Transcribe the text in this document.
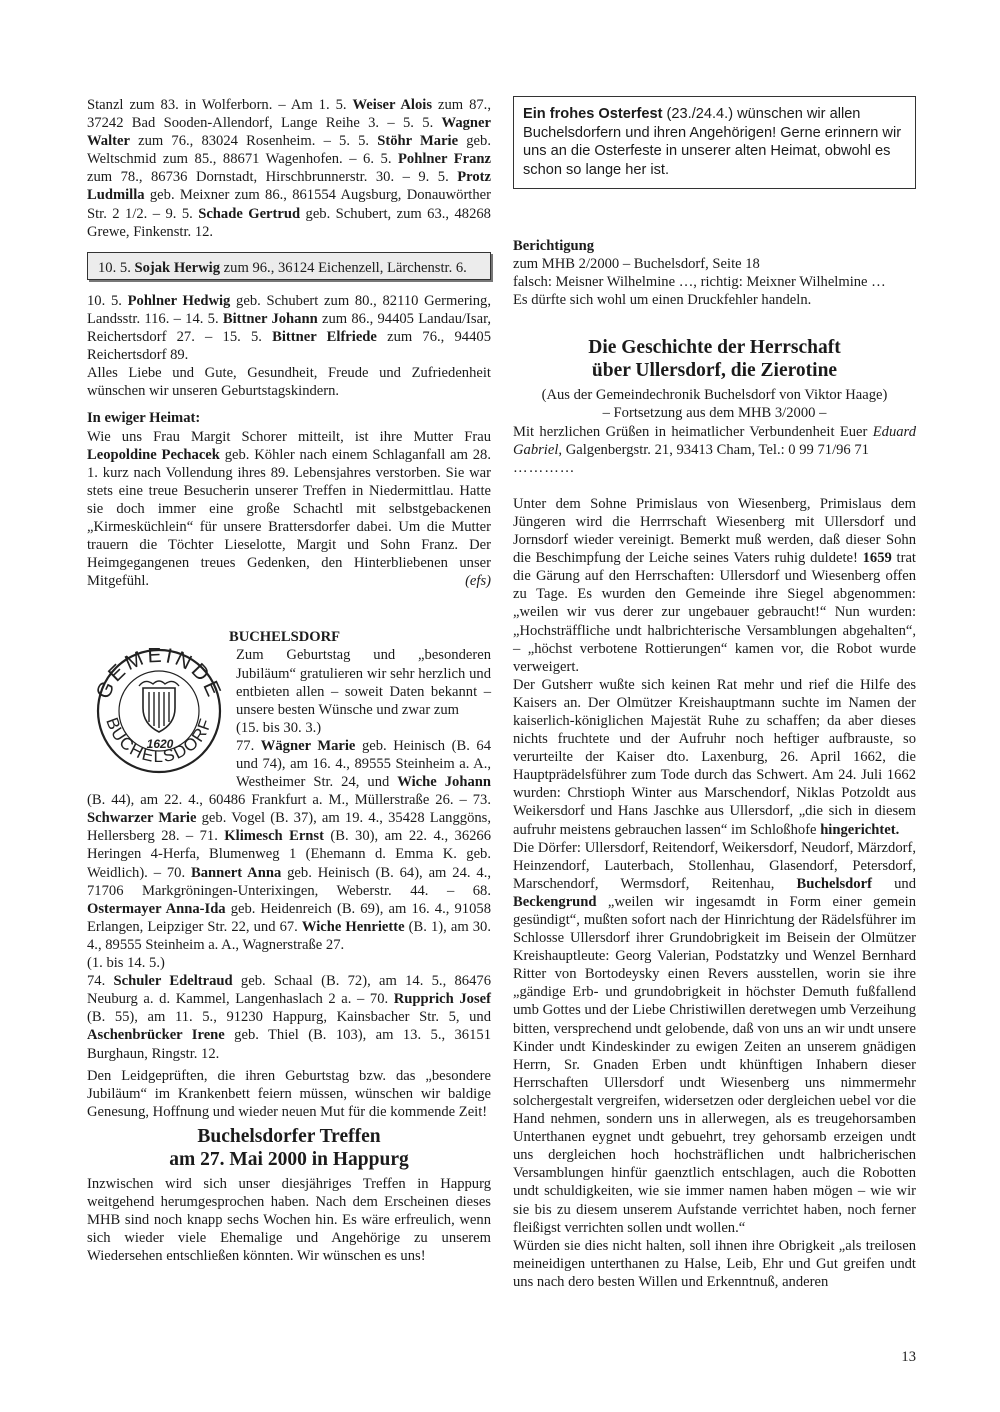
Stanzl zum 83. in Wolferborn. – Am 1. 5. Weiser Alois zum 87., 37242 Bad Sooden-Allendorf, Lange Reihe 3. – 5. 5. Wagner Walter zum 76., 83024 Rosenheim. – 5. 5. Stöhr Marie geb. Weltschmid zum 85., 88671 Wagenhofen. – 6. 5. Pohlner Franz zum 78., 86736 Dornstadt, Hirschbrunnerstr. 30. – 9. 5. Protz Ludmilla geb. Meixner zum 86., 861554 Augsburg, Donauwörther Str. 2 1/2. – 9. 5. Schade Gertrud geb. Schubert, zum 63., 48268 Grewe, Finkenstr. 12.

10. 5. Sojak Herwig zum 96., 36124 Eichenzell, Lärchenstr. 6.

10. 5. Pohlner Hedwig geb. Schubert zum 80., 82110 Germering, Landsstr. 116. – 14. 5. Bittner Johann zum 86., 94405 Landau/Isar, Reichertsdorf 27. – 15. 5. Bittner Elfriede zum 76., 94405 Reichertsdorf 89.

Alles Liebe und Gute, Gesundheit, Freude und Zufriedenheit wünschen wir unseren Geburtstagskindern.

In ewiger Heimat:

Wie uns Frau Margit Schorer mitteilt, ist ihre Mutter Frau Leopoldine Pechacek geb. Köhler nach einem Schlaganfall am 28. 1. kurz nach Vollendung ihres 89. Lebensjahres verstorben. Sie war stets eine treue Besucherin unserer Treffen in Niedermittlau. Hatte sie doch immer eine große Schachtl mit selbstgebackenen „Kirmesküchlein“ für unsere Brattersdorfer dabei. Um die Mutter trauern die Töchter Lieselotte, Margit und Sohn Franz. Der Heimgegangenen treues Gedenken, den Hinterbliebenen unser Mitgefühl.	(efs)

BUCHELSDORF

GEMEINDE
BUCHELSDORF
1620

Zum Geburtstag und „besonderen Jubiläum“ gratulieren wir sehr herzlich und entbieten allen – soweit Daten bekannt – unsere besten Wünsche und zwar zum

(15. bis 30. 3.)

77. Wägner Marie geb. Heinisch (B. 64 und 74), am 16. 4., 89555 Steinheim a. A., Westheimer Str. 24, und Wiche Johann (B. 44), am 22. 4., 60486 Frankfurt a. M., Müllerstraße 26. – 73. Schwarzer Marie geb. Vogel (B. 37), am 19. 4., 35428 Langgöns, Hellersberg 28. – 71. Klimesch Ernst (B. 30), am 22. 4., 36266 Heringen 4-Herfa, Blumenweg 1 (Ehemann d. Emma K. geb. Weidlich). – 70. Bannert Anna geb. Heinisch (B. 64), am 24. 4., 71706 Markgröningen-Unterixingen, Weberstr. 44. – 68. Ostermayer Anna-Ida geb. Heidenreich (B. 69), am 16. 4., 91058 Erlangen, Leipziger Str. 22, und 67. Wiche Henriette (B. 1), am 30. 4., 89555 Steinheim a. A., Wagnerstraße 27.

(1. bis 14. 5.)

74. Schuler Edeltraud geb. Schaal (B. 72), am 14. 5., 86476 Neuburg a. d. Kammel, Langenhaslach 2 a. – 70. Rupprich Josef (B. 55), am 11. 5., 91230 Happurg, Kainsbacher Str. 5, und Aschenbrücker Irene geb. Thiel (B. 103), am 13. 5., 36151 Burghaun, Ringstr. 12.

Den Leidgeprüften, die ihren Geburtstag bzw. das „besondere Jubiläum“ im Krankenbett feiern müssen, wünschen wir baldige Genesung, Hoffnung und wieder neuen Mut für die kommende Zeit!

Buchelsdorfer Treffen

am 27. Mai 2000 in Happurg

Inzwischen wird sich unser diesjähriges Treffen in Happurg weitgehend herumgesprochen haben. Nach dem Erscheinen dieses MHB sind noch knapp sechs Wochen hin. Es wäre erfreulich, wenn sich wieder viele Ehemalige und Angehörige zu unserem Wiedersehen entschließen könnten. Wir wünschen es uns!

Ein frohes Osterfest (23./24.4.) wünschen wir allen Buchelsdorfern und ihren Angehörigen! Gerne erinnern wir uns an die Osterfeste in unserer alten Heimat, obwohl es schon so lange her ist.

Berichtigung

zum MHB 2/2000 – Buchelsdorf, Seite 18

falsch: Meisner Wilhelmine …, richtig: Meixner Wilhelmine …

Es dürfte sich wohl um einen Druckfehler handeln.

Die Geschichte der Herrschaft

über Ullersdorf, die Zierotine

(Aus der Gemeindechronik Buchelsdorf von Viktor Haage)

– Fortsetzung aus dem MHB 3/2000 –

Mit herzlichen Grüßen in heimatlicher Verbundenheit Euer Eduard Gabriel, Galgenbergstr. 21, 93413 Cham, Tel.: 0 99 71/96 71

…………

Unter dem Sohne Primislaus von Wiesenberg, Primislaus dem Jüngeren wird die Herrrschaft Wiesenberg mit Ullersdorf und Jornsdorf wieder vereinigt. Bemerkt muß werden, daß dieser Sohn die Beschimpfung der Leiche seines Vaters ruhig duldete! 1659 trat die Gärung auf den Herrschaften: Ullersdorf und Wiesenberg offen zu Tage. Es wurden den Gemeinde ihre Siegel abgenommen: „weilen wir vus derer zur ungebauer gebraucht!“ Nun wurden: „Hochsträffliche undt halbrichterische Versamblungen abgehalten“, – „höchst verbotene Rottierungen“ kamen vor, die Robot wurde verweigert.

Der Gutsherr wußte sich keinen Rat mehr und rief die Hilfe des Kaisers an. Der Olmützer Kreishauptmann suchte im Namen der kaiserlich-königlichen Majestät Ruhe zu schaffen; da aber dieses nichts fruchtete und der Aufruhr noch heftiger aufbrauste, so verurteilte der Kaiser dto. Laxenburg, 26. April 1662, die Hauptprädelsführer zum Tode durch das Schwert. Am 24. Juli 1662 wurden: Chrstioph Winter aus Marschendorf, Niklas Potzoldt aus Weikersdorf und Hans Jaschke aus Ullersdorf, „die sich in diesem aufruhr meistens gebrauchen lassen“ im Schloßhofe hingerichtet.

Die Dörfer: Ullersdorf, Reitendorf, Weikersdorf, Neudorf, Märzdorf, Heinzendorf, Lauterbach, Stollenhau, Glasendorf, Petersdorf, Marschendorf, Wermsdorf, Reitenhau, Buchelsdorf und Beckengrund „weilen wir ingesamdt in Form einer gemein gesündigt“, mußten sofort nach der Hinrichtung der Rädelsführer im Schlosse Ullersdorf ihrer Grundobrigkeit im Beisein der Olmützer Kreishauptleute: Georg Valerian, Podstatzky und Wenzel Bernhard Ritter von Bortodeysky einen Revers ausstellen, worin sie ihre „gändige Erb- und grundobrigkeit in höchster Demuth fußfallend umb Gottes und der Liebe Christiwillen deretwegen umb Verzeihung bitten, versprechend undt gelobende, daß von uns an wir undt unsere Kinder undt Kindeskinder zu ewigen Zeiten an unserem gnädigen Herrn, Sr. Gnaden Erben undt khünftigen Inhabern dieser Herrschaften Ullersdorf undt Wiesenberg uns nimmermehr solchergestalt vergreifen, widersetzen oder dergleichen uebel vor die Hand nehmen, sondern uns in allerwegen, als es treugehorsamben Unterthanen eygnet undt gebuehrt, trey gehorsamb erzeigen undt uns dergleichen hoch hochsträflichen undt halbricherischen Versamblungen hinfür gaenztlich entschlagen, auch die Robotten undt schuldigkeiten, wie sie immer namen haben mögen – wie wir sie bis zu diesem unserem Aufstande verrichtet haben, noch ferner fleißigst verrichten sollen undt wollen.“

Würden sie dies nicht halten, soll ihnen ihre Obrigkeit „als treilosen meineidigen unterthanen zu Halse, Leib, Ehr und Gut greifen undt uns nach dero besten Willen und Erkenntnuß, anderen

13
